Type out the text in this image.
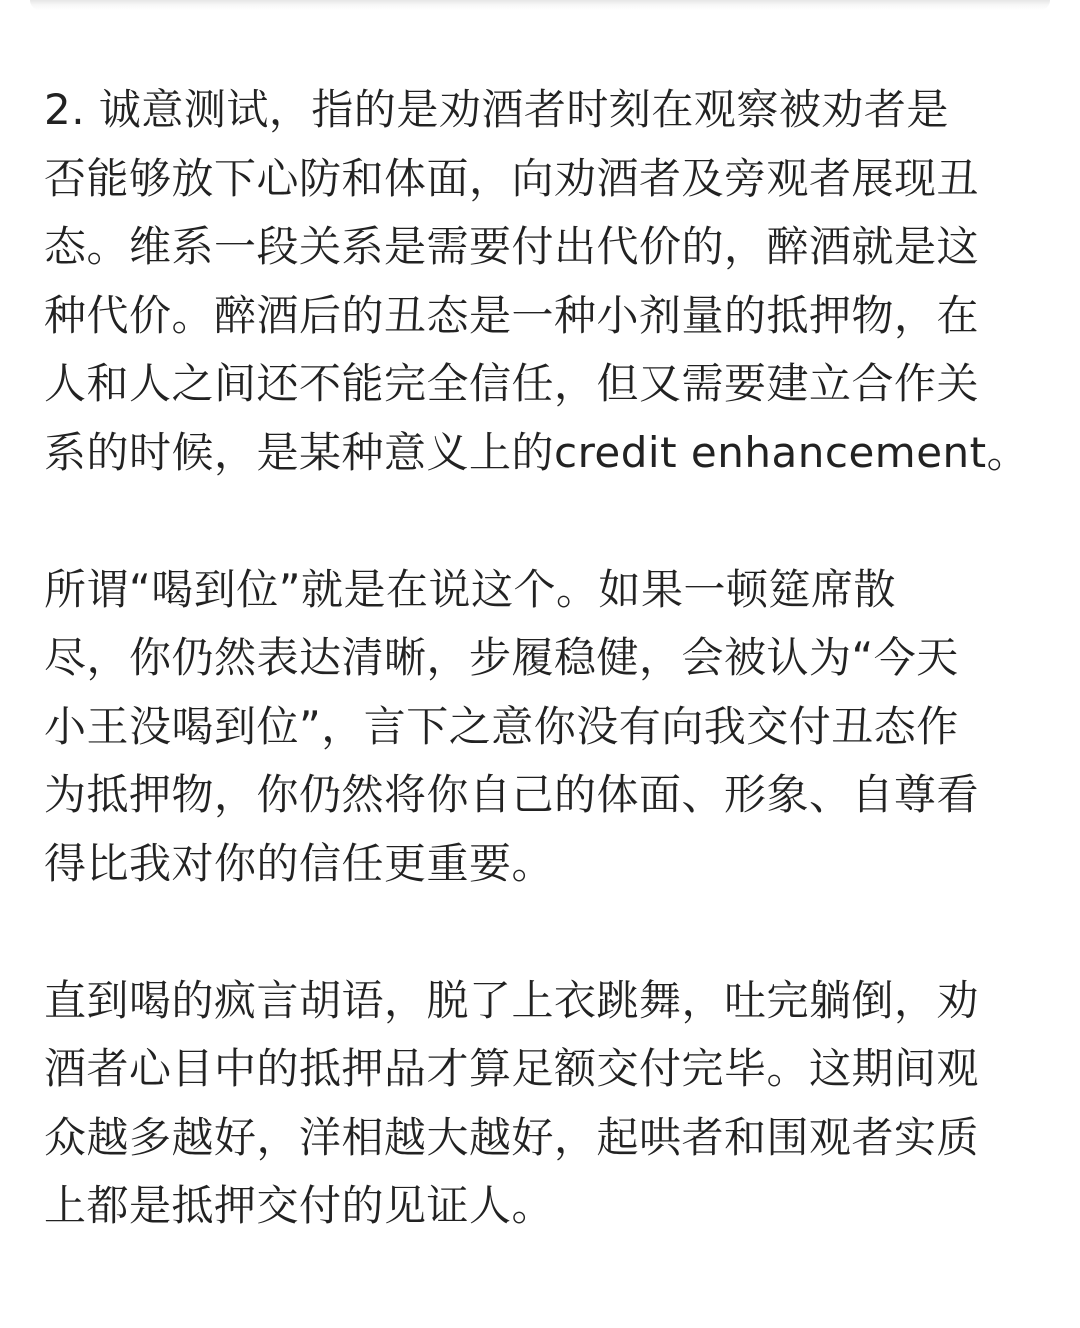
2. 诚意测试，指的是劝酒者时刻在观察被劝者是
否能够放下心防和体面，向劝酒者及旁观者展现丑
态。维系一段关系是需要付出代价的，醉酒就是这
种代价。醉酒后的丑态是一种小剂量的抵押物，在
人和人之间还不能完全信任，但又需要建立合作关
系的时候，是某种意义上的credit enhancement。

所谓“喝到位”就是在说这个。如果一顿筵席散
尽，你仍然表达清晰，步履稳健，会被认为“今天
小王没喝到位”，言下之意你没有向我交付丑态作
为抵押物，你仍然将你自己的体面、形象、自尊看
得比我对你的信任更重要。

直到喝的疯言胡语，脱了上衣跳舞，吐完躺倒，劝
酒者心目中的抵押品才算足额交付完毕。这期间观
众越多越好，洋相越大越好，起哄者和围观者实质
上都是抵押交付的见证人。
